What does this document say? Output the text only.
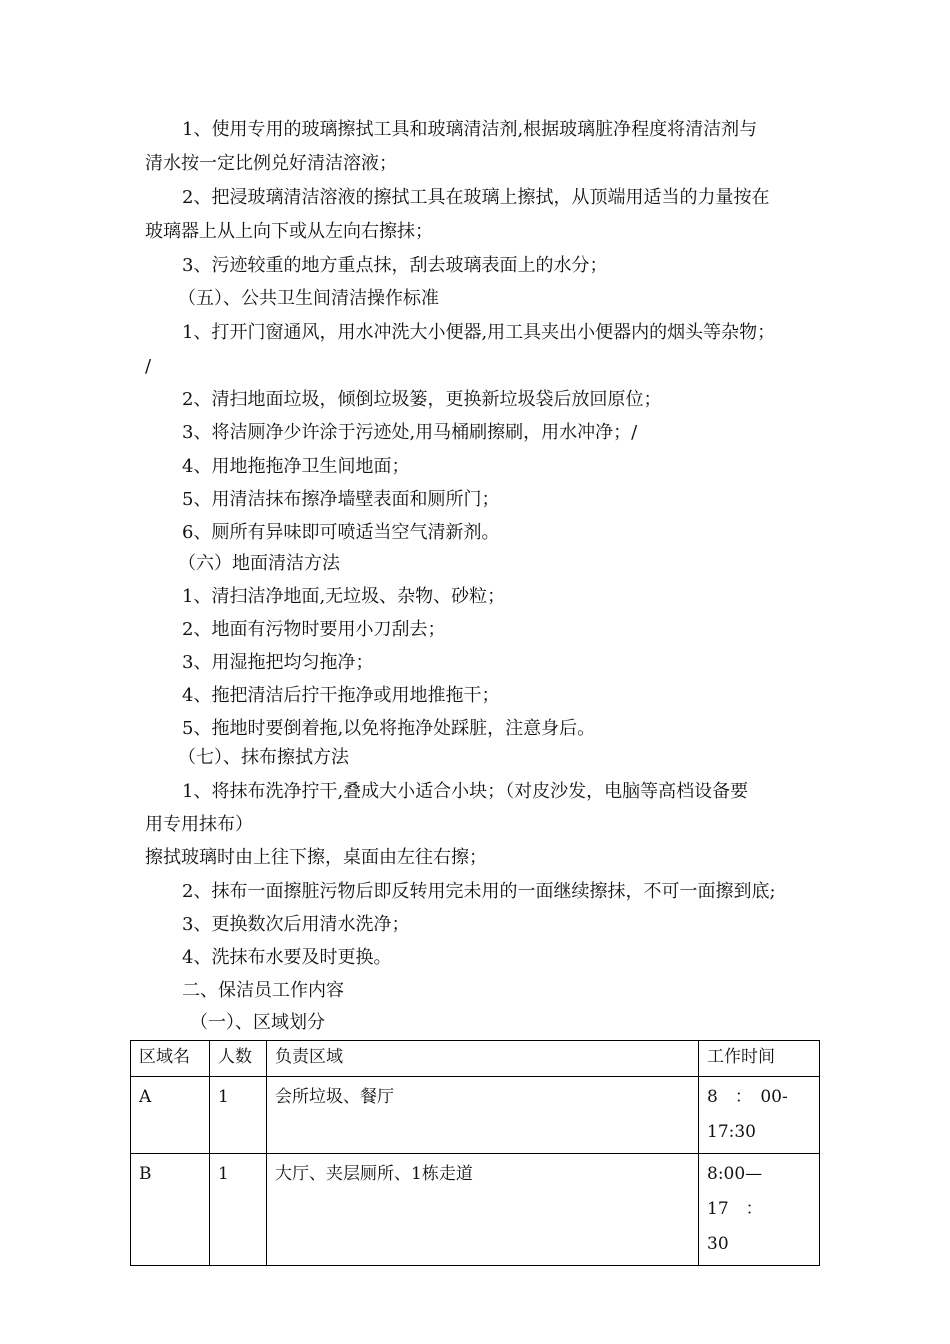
1、使用专用的玻璃擦拭工具和玻璃清洁剂,根据玻璃脏净程度将清洁剂与
清水按一定比例兑好清洁溶液；
2、把浸玻璃清洁溶液的擦拭工具在玻璃上擦拭，从顶端用适当的力量按在
玻璃器上从上向下或从左向右擦抹；
3、污迹较重的地方重点抹，刮去玻璃表面上的水分；
（五）、公共卫生间清洁操作标准
1、打开门窗通风，用水冲洗大小便器,用工具夹出小便器内的烟头等杂物；
/
2、清扫地面垃圾，倾倒垃圾篓，更换新垃圾袋后放回原位；
3、将洁厕净少许涂于污迹处,用马桶刷擦刷，用水冲净；/
4、用地拖拖净卫生间地面；
5、用清洁抹布擦净墙壁表面和厕所门；
6、厕所有异味即可喷适当空气清新剂。
（六）地面清洁方法
1、清扫洁净地面,无垃圾、杂物、砂粒；
2、地面有污物时要用小刀刮去；
3、用湿拖把均匀拖净；
4、拖把清洁后拧干拖净或用地推拖干；
5、拖地时要倒着拖,以免将拖净处踩脏，注意身后。
（七）、抹布擦拭方法
1、将抹布洗净拧干,叠成大小适合小块；（对皮沙发，电脑等高档设备要
用专用抹布）
擦拭玻璃时由上往下擦，桌面由左往右擦；
2、抹布一面擦脏污物后即反转用完未用的一面继续擦抹，不可一面擦到底;
3、更换数次后用清水洗净；
4、洗抹布水要及时更换。
二、保洁员工作内容
（一）、区域划分
区域名	人数	负责区域	工作时间
A	1	会所垃圾、餐厅	8　：　00-
17:30

B	1	大厅、夹层厕所、1栋走道	8:00—17　：
30
